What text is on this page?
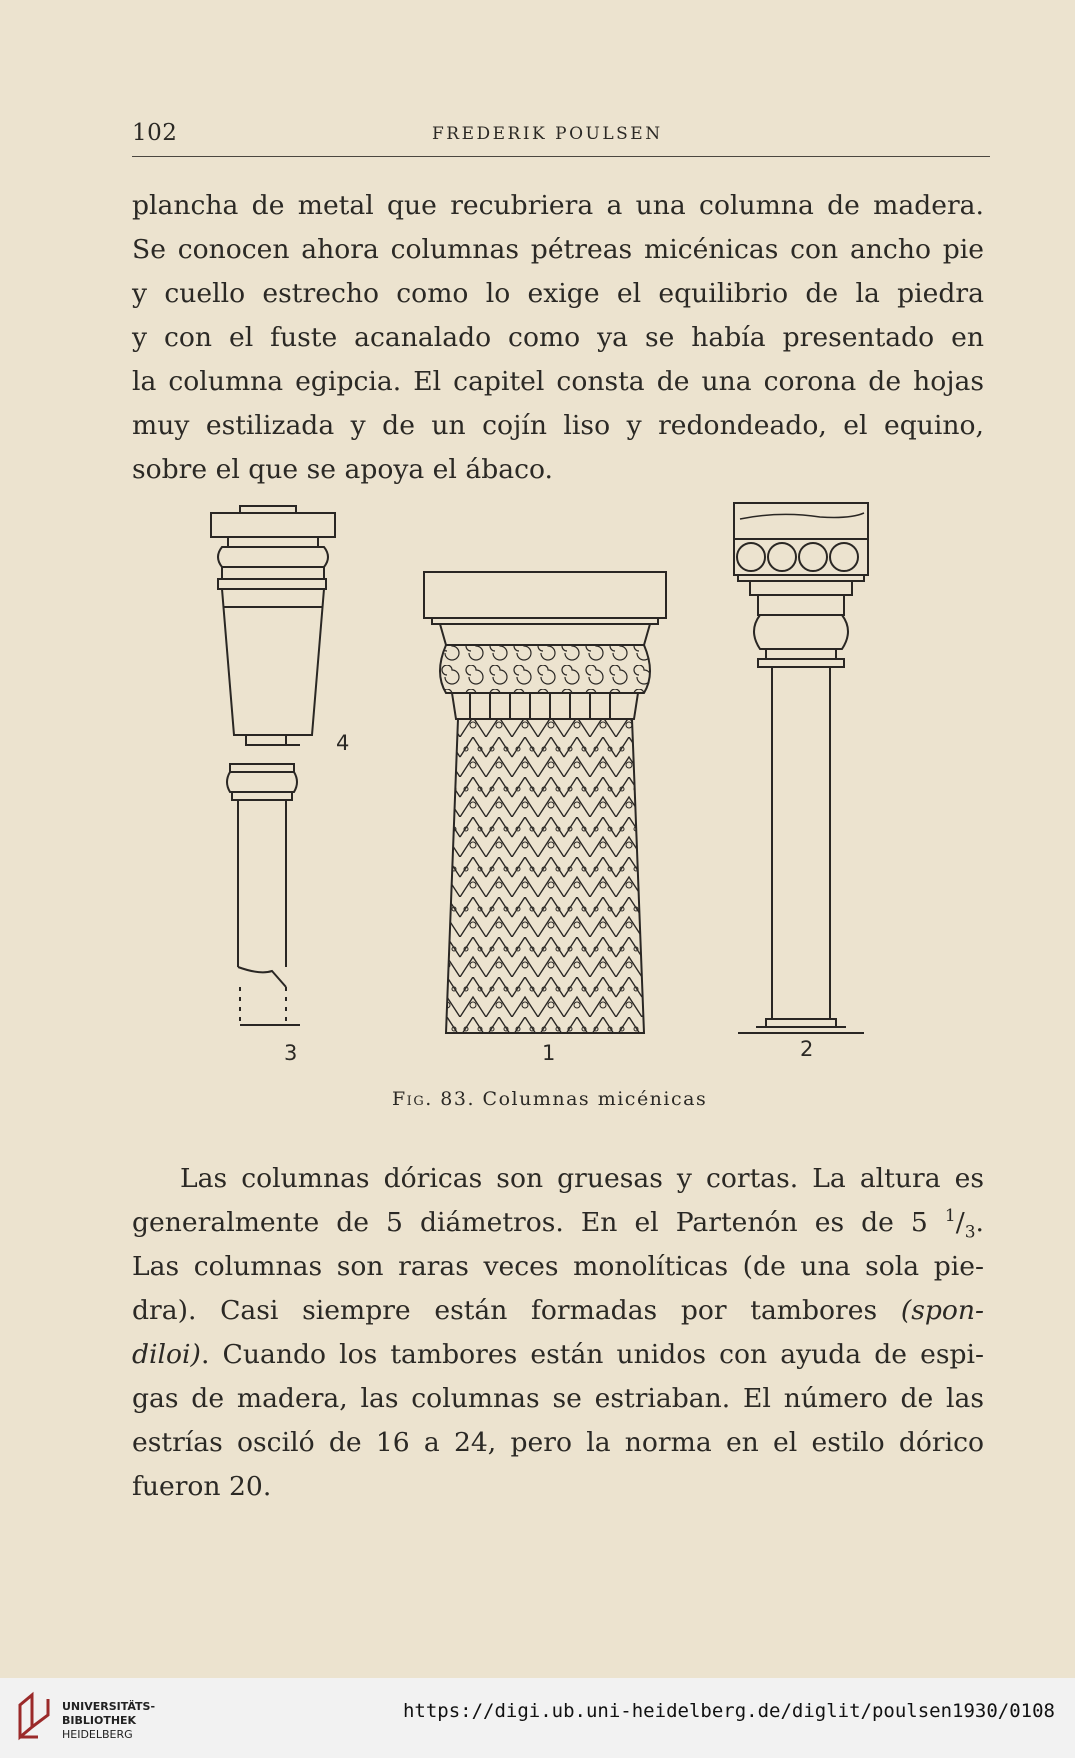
102	FREDERIK POULSEN
plancha de metal que recubriera a una columna de madera.
Se conocen ahora columnas pétreas micénicas con ancho pie
y cuello estrecho como lo exige el equilibrio de la piedra
y con el fuste acanalado como ya se había presentado en
la columna egipcia. El capitel consta de una corona de hojas
muy estilizada y de un cojín liso y redondeado, el equino,
sobre el que se apoya el ábaco.
4
3	1	2
Fig. 83. Columnas micénicas
Las columnas dóricas son gruesas y cortas. La altura es
generalmente de 5 diámetros. En el Partenón es de 5 $^1/_3$.
Las columnas son raras veces monolíticas (de una sola pie-
dra). Casi siempre están formadas por tambores (spon-
diloi). Cuando los tambores están unidos con ayuda de espi-
gas de madera, las columnas se estriaban. El número de las
estrías osciló de 16 a 24, pero la norma en el estilo dórico
fueron 20.
UNIVERSITÄTS-
BIBLIOTHEK
HEIDELBERG
https://digi.ub.uni-heidelberg.de/diglit/poulsen1930/0108
